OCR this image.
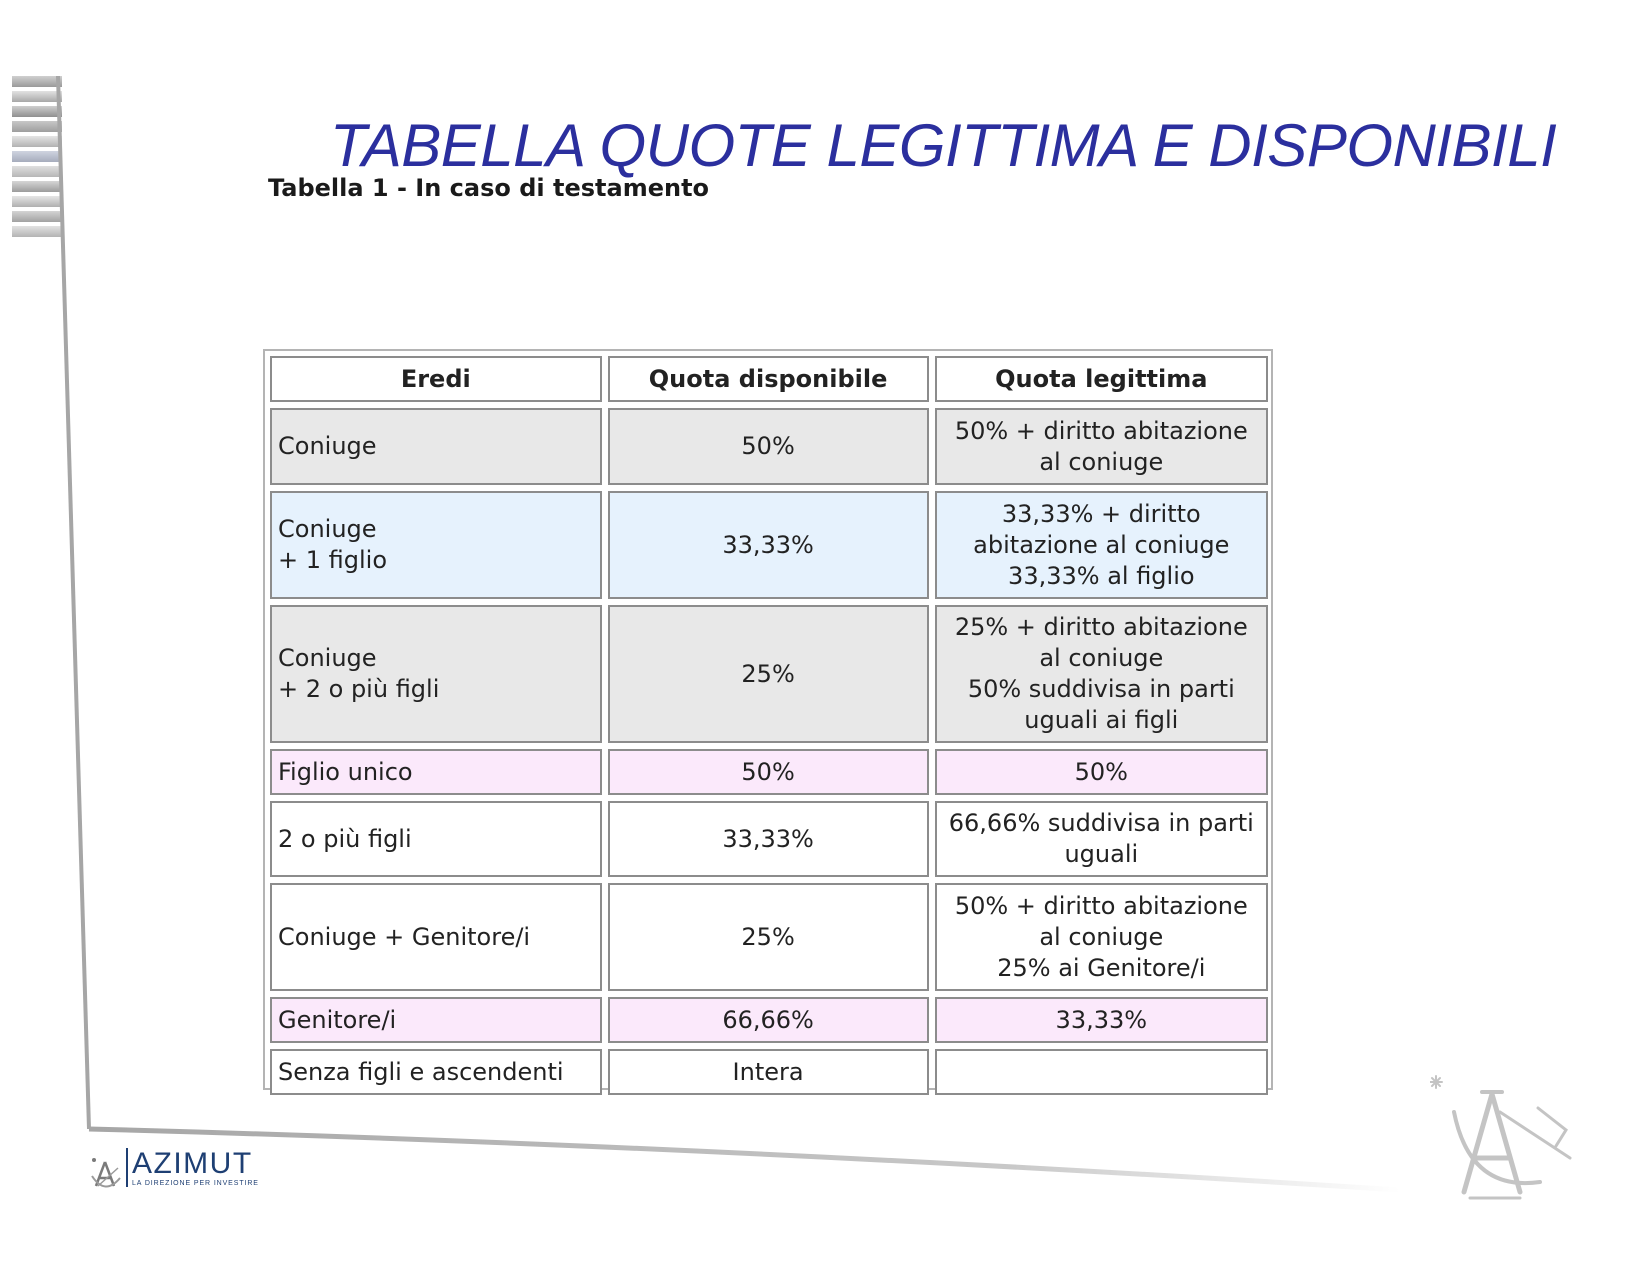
TABELLA QUOTE LEGITTIMA E DISPONIBILI
Tabella 1 - In caso di testamento
Eredi	Quota disponibile	Quota legittima

Coniuge	50%	50% + diritto abitazione
al coniuge

Coniuge
+ 1 figlio	33,33%	33,33% + diritto
abitazione al coniuge
33,33% al figlio

Coniuge
+ 2 o più figli	25%	25% + diritto abitazione
al coniuge
50% suddivisa in parti
uguali ai figli

Figlio unico	50%	50%

2 o più figli	33,33%	66,66% suddivisa in parti
uguali

Coniuge + Genitore/i	25%	50% + diritto abitazione
al coniuge
25% ai Genitore/i

Genitore/i	66,66%	33,33%

Senza figli e ascendenti	Intera	
AZIMUT
LA DIREZIONE PER INVESTIRE
